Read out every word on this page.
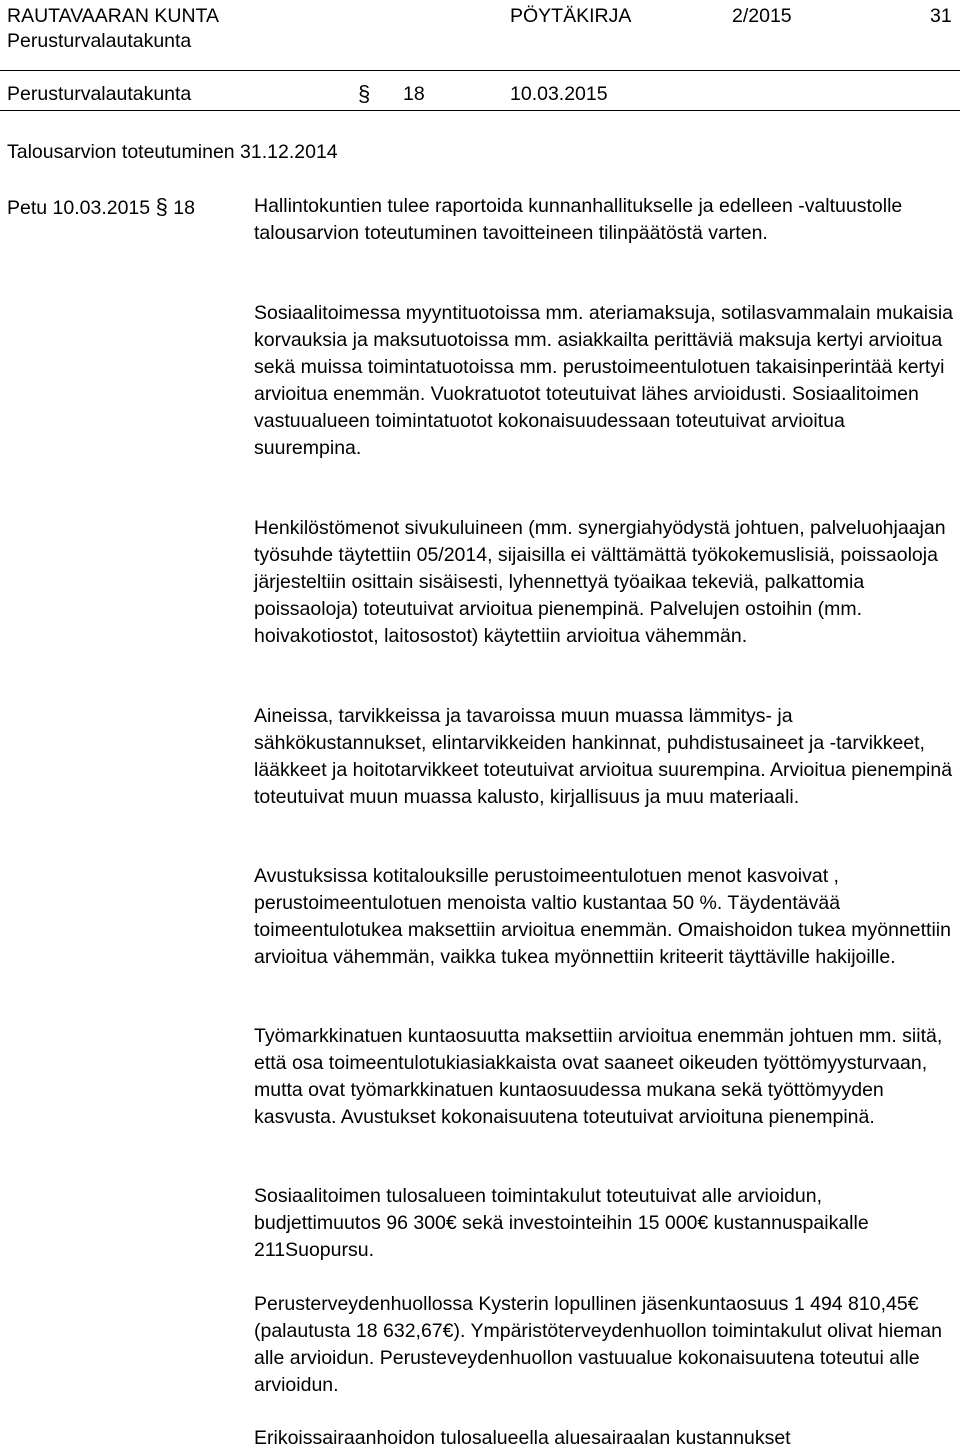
RAUTAVAARAN KUNTA
Perusturvalautakunta
PÖYTÄKIRJA	2/2015	31
Perusturvalautakunta	§ 18	10.03.2015
Talousarvion toteutuminen 31.12.2014
Petu 10.03.2015 § 18	Hallintokuntien tulee raportoida kunnanhallitukselle ja edelleen -valtuustolle talousarvion toteutuminen tavoitteineen tilinpäätöstä varten.

Sosiaalitoimessa myyntituotoissa mm. ateriamaksuja, sotilasvammalain mukaisia korvauksia ja maksutuotoissa mm. asiakkailta perittäviä maksuja kertyi arvioitua sekä muissa toimintatuotoissa mm. perustoimeentulotuen takaisinperintää kertyi arvioitua enemmän. Vuokratuotot toteutuivat lähes arvioidusti. Sosiaalitoimen vastuualueen toimintatuotot kokonaisuudessaan toteutuivat arvioitua suurempina.

Henkilöstömenot sivukuluineen (mm. synergiahyödystä johtuen, palveluohjaajan työsuhde täytettiin 05/2014, sijaisilla ei välttämättä työkokemuslisiä, poissaoloja järjesteltiin osittain sisäisesti, lyhennettyä työaikaa tekeviä, palkattomia poissaoloja) toteutuivat arvioitua pienempinä. Palvelujen ostoihin (mm. hoivakotiostot, laitosostot) käytettiin arvioitua vähemmän.

Aineissa, tarvikkeissa ja tavaroissa muun muassa lämmitys- ja sähkökustannukset, elintarvikkeiden hankinnat, puhdistusaineet ja -tarvikkeet, lääkkeet ja hoitotarvikkeet toteutuivat arvioitua suurempina. Arvioitua pienempinä toteutuivat muun muassa kalusto, kirjallisuus ja muu materiaali.

Avustuksissa kotitalouksille perustoimeentulotuen menot kasvoivat , perustoimeentulotuen menoista valtio kustantaa 50 %. Täydentävää toimeentulotukea maksettiin arvioitua enemmän. Omaishoidon tukea myönnettiin arvioitua vähemmän, vaikka tukea myönnettiin kriteerit täyttäville hakijoille.

Työmarkkinatuen kuntaosuutta maksettiin arvioitua enemmän johtuen mm. siitä, että osa toimeentulotukiasiakkaista ovat saaneet oikeuden työttömyysturvaan, mutta ovat työmarkkinatuen kuntaosuudessa mukana sekä työttömyyden kasvusta. Avustukset kokonaisuutena toteutuivat arvioituna pienempinä.

Sosiaalitoimen tulosalueen toimintakulut toteutuivat alle arvioidun, budjettimuutos 96 300€ sekä investointeihin 15 000€ kustannuspaikalle 211Suopursu.

Perusterveydenhuollossa Kysterin lopullinen jäsenkuntaosuus 1 494 810,45€ (palautusta 18 632,67€). Ympäristöterveydenhuollon toimintakulut olivat hieman alle arvioidun. Perusteveydenhuollon vastuualue kokonaisuutena toteutui alle arvioidun.

Erikoissairaanhoidon tulosalueella aluesairaalan kustannukset
